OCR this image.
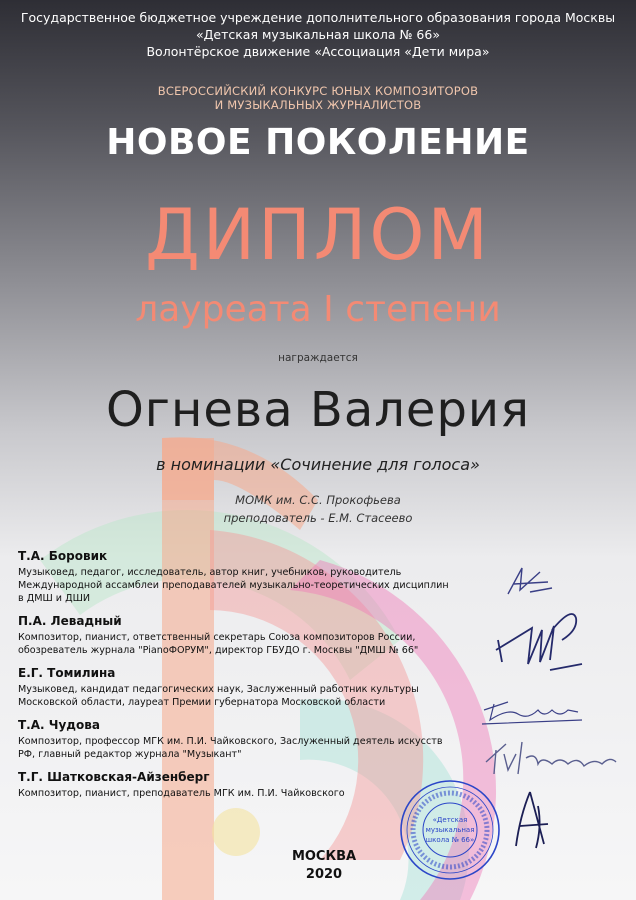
Государственное бюджетное учреждение дополнительного образования города Москвы
«Детская музыкальная школа № 66»
Волонтёрское движение «Ассоциация «Дети мира»
ВСЕРОССИЙСКИЙ КОНКУРС ЮНЫХ КОМПОЗИТОРОВ
И МУЗЫКАЛЬНЫХ ЖУРНАЛИСТОВ
НОВОЕ ПОКОЛЕНИЕ
ДИПЛОМ
лауреата I степени
награждается
Огнева Валерия
в номинации «Сочинение для голоса»
МОМК им. С.С. Прокофьева
преподователь - Е.М. Стасеево
Т.А. Боровик
Музыковед, педагог, исследователь, автор книг, учебников, руководитель
Международной ассамблеи преподавателей музыкально-теоретических дисциплин
в ДМШ и ДШИ
П.А. Левадный
Композитор, пианист, ответственный секретарь Союза композиторов России,
обозреватель журнала "PianoФОРУМ", директор ГБУДО г. Москвы "ДМШ № 66"
Е.Г. Томилина
Музыковед, кандидат педагогических наук, Заслуженный работник культуры
Московской области, лауреат Премии губернатора Московской области
Т.А. Чудова
Композитор, профессор МГК им. П.И. Чайковского, Заслуженный деятель искусств
РФ, главный редактор журнала "Музыкант"
Т.Г. Шатковская-Айзенберг
Композитор, пианист, преподаватель МГК им. П.И. Чайковского
«Детская
музыкальная
школа № 66»
МОСКВА
2020
